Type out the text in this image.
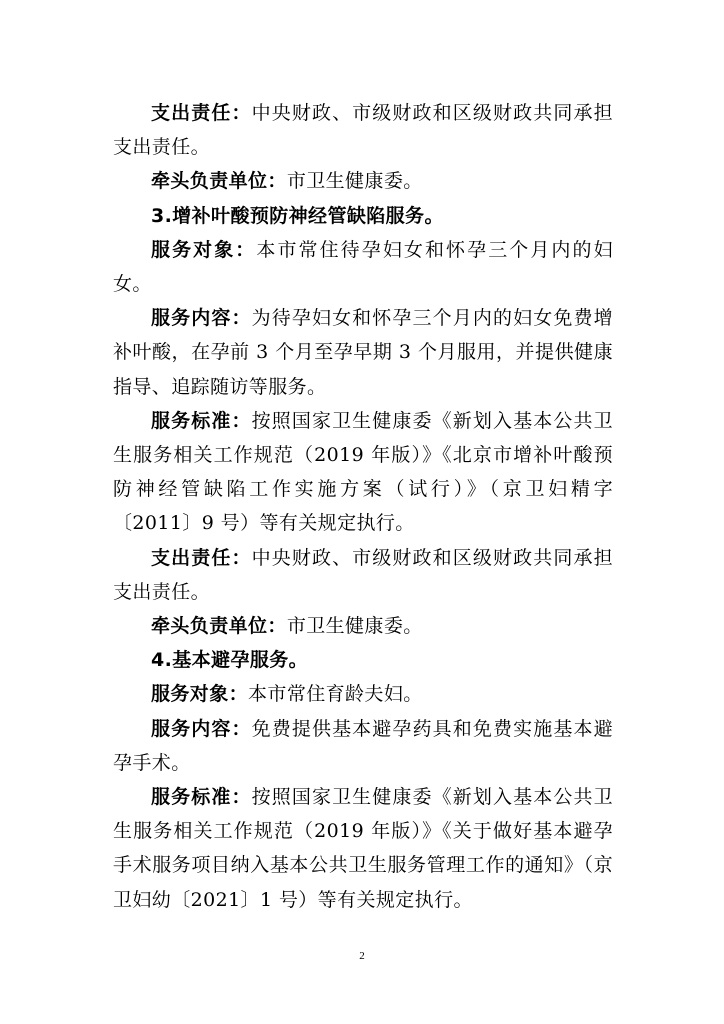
支出责任：中央财政、市级财政和区级财政共同承担支出责任。

牵头负责单位：市卫生健康委。

3.增补叶酸预防神经管缺陷服务。

服务对象：本市常住待孕妇女和怀孕三个月内的妇女。

服务内容：为待孕妇女和怀孕三个月内的妇女免费增补叶酸，在孕前 3 个月至孕早期 3 个月服用，并提供健康指导、追踪随访等服务。

服务标准：按照国家卫生健康委《新划入基本公共卫生服务相关工作规范（2019 年版）》《北京市增补叶酸预防神经管缺陷工作实施方案（试行）》（京卫妇精字〔2011〕9 号）等有关规定执行。

支出责任：中央财政、市级财政和区级财政共同承担支出责任。

牵头负责单位：市卫生健康委。

4.基本避孕服务。

服务对象：本市常住育龄夫妇。

服务内容：免费提供基本避孕药具和免费实施基本避孕手术。

服务标准：按照国家卫生健康委《新划入基本公共卫生服务相关工作规范（2019 年版）》《关于做好基本避孕手术服务项目纳入基本公共卫生服务管理工作的通知》（京卫妇幼〔2021〕1 号）等有关规定执行。

2
